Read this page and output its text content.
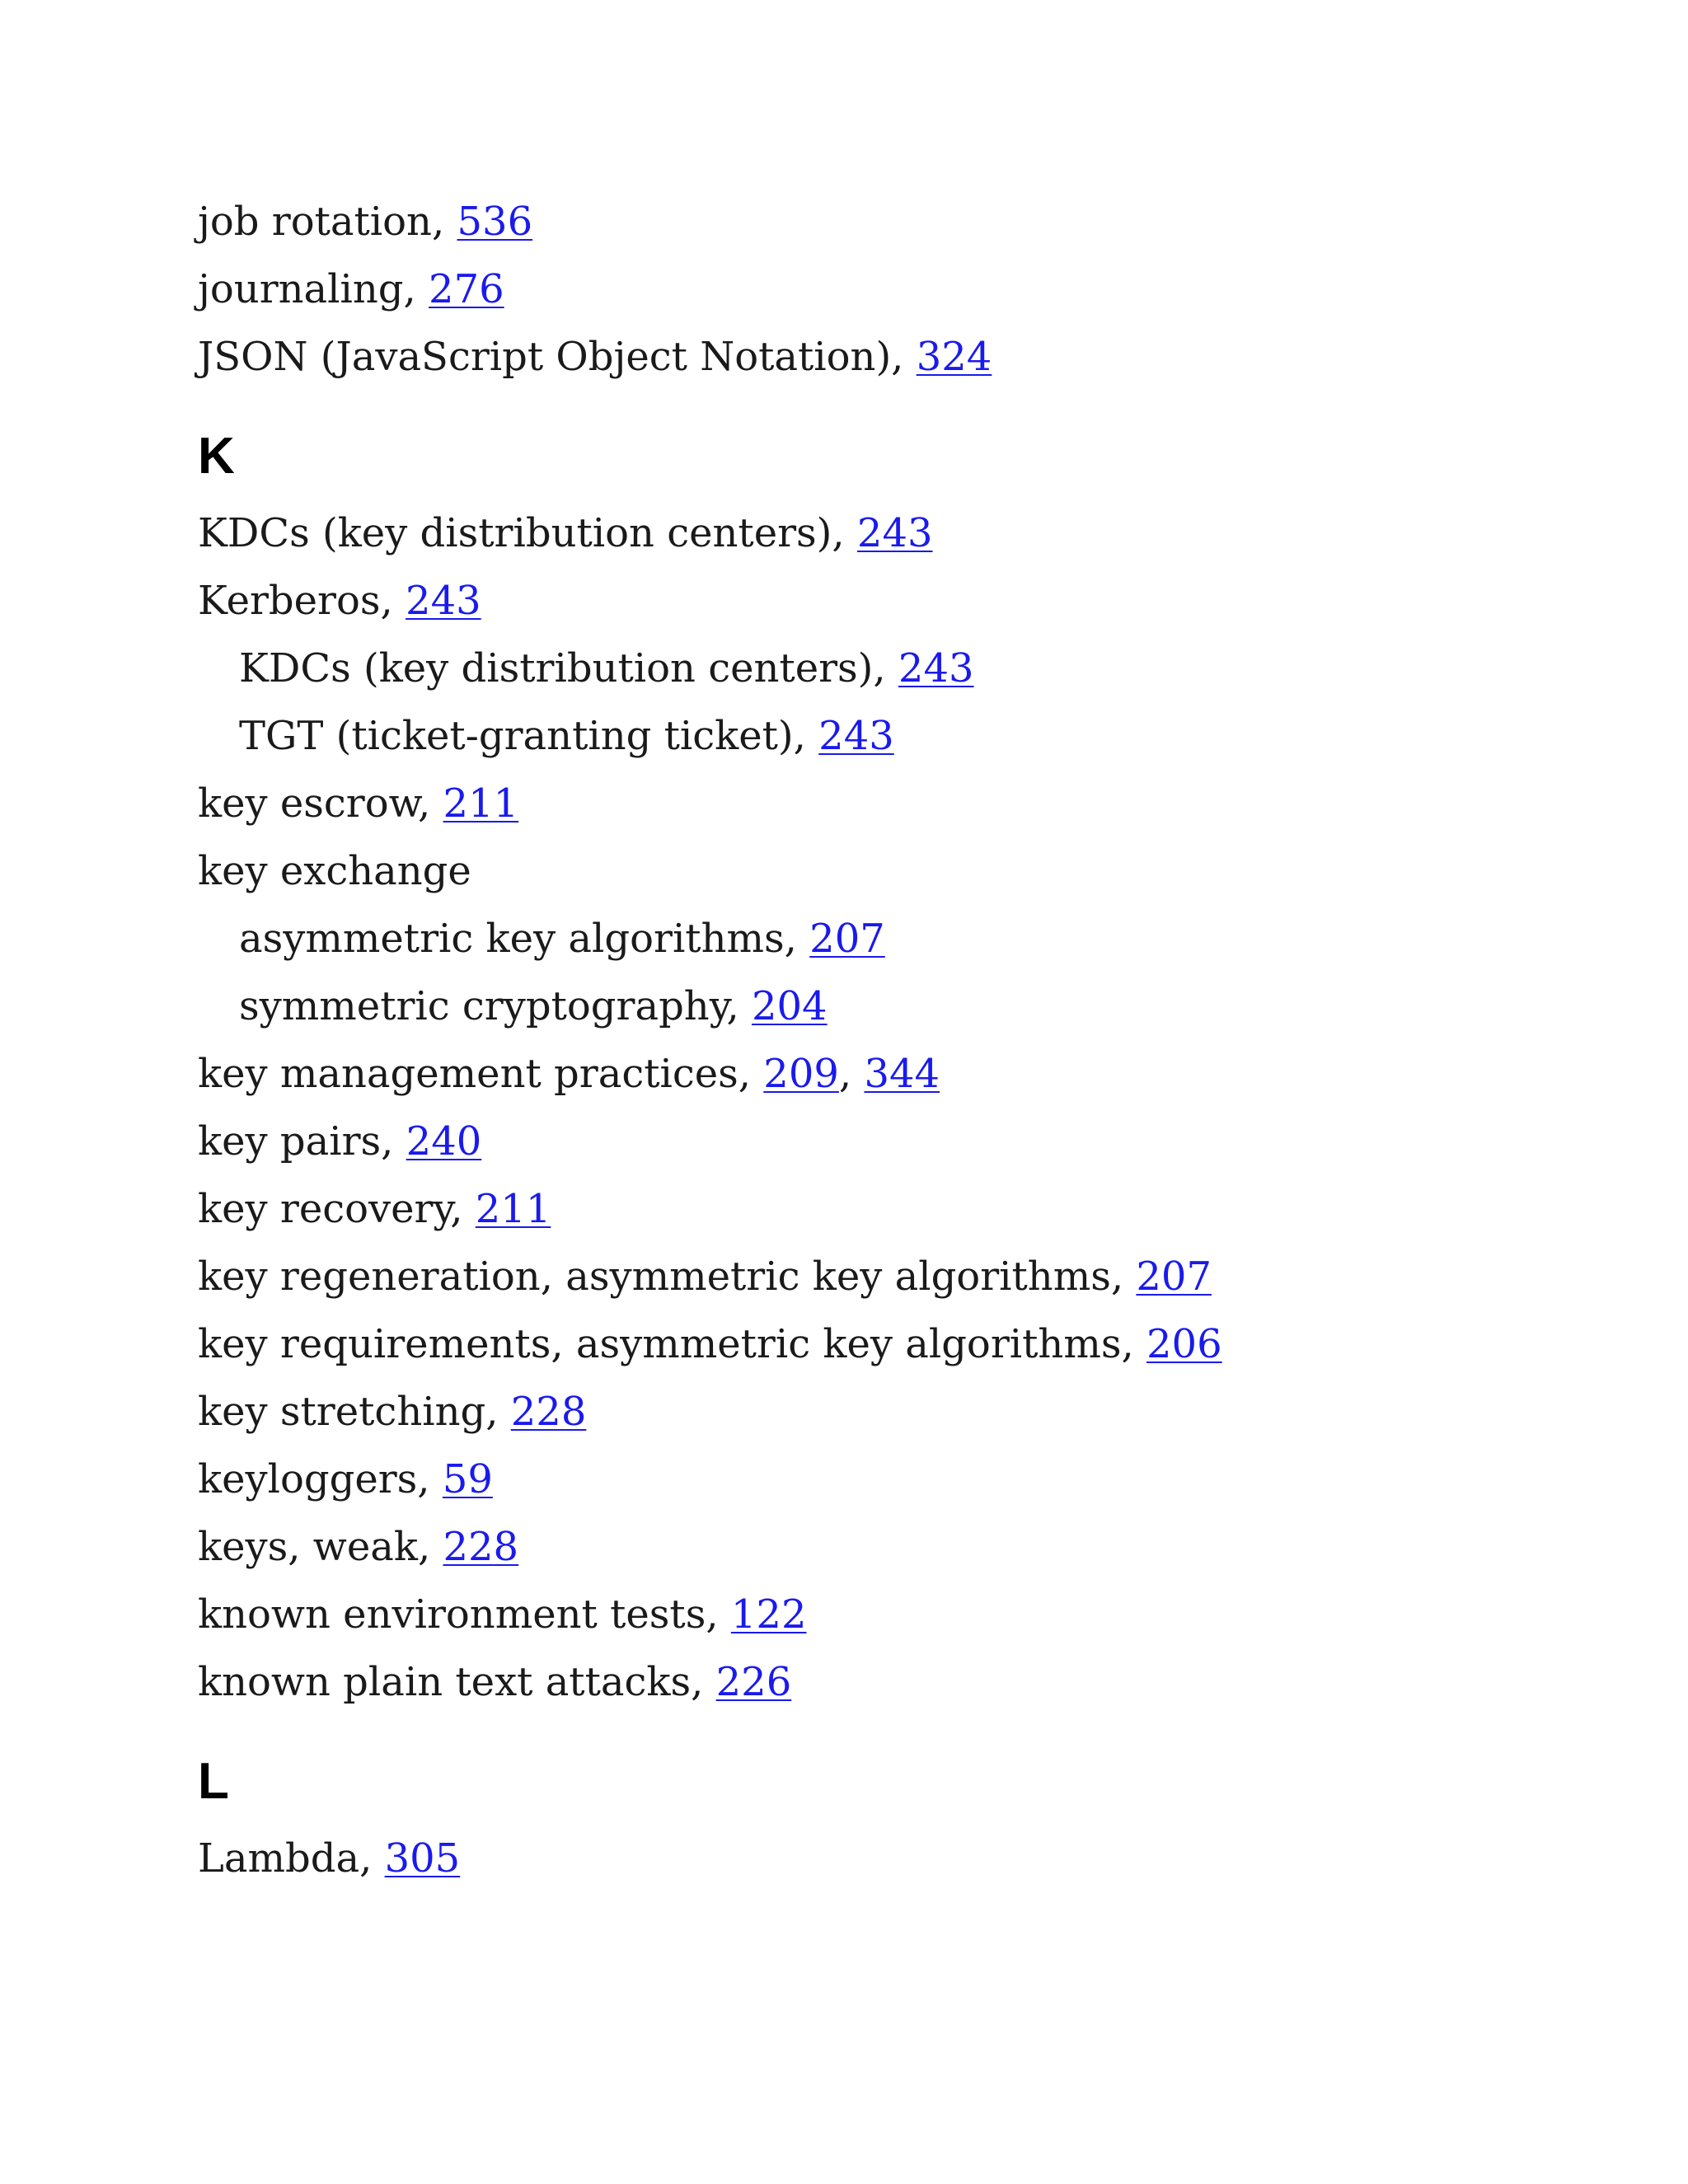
job rotation, 536
journaling, 276
JSON (JavaScript Object Notation), 324
K
KDCs (key distribution centers), 243
Kerberos, 243
KDCs (key distribution centers), 243
TGT (ticket-granting ticket), 243
key escrow, 211
key exchange
asymmetric key algorithms, 207
symmetric cryptography, 204
key management practices, 209, 344
key pairs, 240
key recovery, 211
key regeneration, asymmetric key algorithms, 207
key requirements, asymmetric key algorithms, 206
key stretching, 228
keyloggers, 59
keys, weak, 228
known environment tests, 122
known plain text attacks, 226
L
Lambda, 305
